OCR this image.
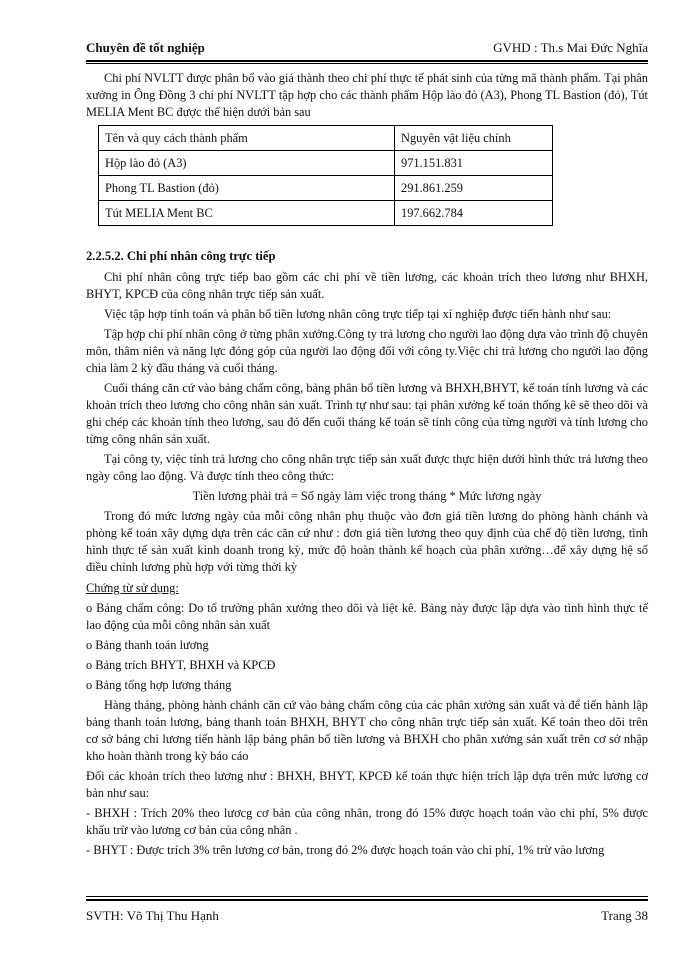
Chuyên đề tốt nghiệp	GVHD : Th.s Mai Đức Nghĩa

Chi phí NVLTT được phân bổ vào giá thành theo chi phí thực tế phát sinh của từng mã thành phẩm. Tại phân xưởng in Ông Đồng 3 chi phí NVLTT tập hợp cho các thành phẩm Hộp lào đỏ (A3), Phong TL Bastion (đỏ), Tút MELIA Ment BC được thể hiện dưới bản sau

Tên và quy cách thành phẩm	Nguyên vật liệu chính
Hộp lào đỏ (A3)	971.151.831
Phong TL Bastion (đỏ)	291.861.259
Tút MELIA Ment BC	197.662.784
2.2.5.2. Chi phí nhân công trực tiếp

Chi phí nhân công trực tiếp bao gồm các chi phí về tiền lương, các khoản trích theo lương như BHXH, BHYT, KPCĐ của công nhân trực tiếp sản xuất.

Việc tập hợp tính toán và phân bổ tiền lương nhân công trực tiếp tại xí nghiệp được tiến hành như sau:

Tập hợp chi phí nhân công ở từng phân xưởng.Công ty trả lương cho người lao động dựa vào trình độ chuyên môn, thâm niên và năng lực đóng góp của người lao động đối với công ty.Việc chi trả lương cho người lao động chia làm 2 kỳ đầu tháng và cuối tháng.

Cuối tháng căn cứ vào bảng chấm công, bảng phân bổ tiền lương và BHXH,BHYT, kế toán tính lương và các khoản trích theo lương cho công nhân sản xuất. Trình tự như sau: tại phân xưởng kế toán thống kê sẽ theo dõi và ghi chép các khoản tính theo lương, sau đó đến cuối tháng kế toán sẽ tính công của từng người và tính lương cho từng công nhân sản xuất.

Tại công ty, việc tính trả lương cho công nhân trực tiếp sản xuất được thực hiện dưới hình thức trả lương theo ngày công lao động. Và được tính theo công thức:

Tiền lương phải trả = Số ngày làm việc trong tháng * Mức lương ngày

Trong đó mức lương ngày của mỗi công nhân phụ thuộc vào đơn giá tiền lương do phòng hành chánh và phòng kế toán xây dựng dựa trên các căn cứ như : đơn giá tiền lương theo quy định của chế độ tiền lương, tình hình thực tế sản xuất kinh doanh trong kỳ, mức độ hoàn thành kế hoạch của phân xưởng…để xây dựng hệ số điều chỉnh lương phù hợp với từng thời kỳ

Chứng từ sử dụng:

o Bảng chấm công: Do tổ trưởng phân xưởng theo dõi và liệt kê. Bảng này được lập dựa vào tình hình thực tế lao động của mỗi công nhân sản xuất

o Bảng thanh toán lương

o Bảng trích BHYT, BHXH và KPCĐ

o Bảng tổng hợp lương tháng

Hàng tháng, phòng hành chánh căn cứ vào bảng chấm công của các phân xưởng sản xuất và để tiến hành lập bảng thanh toán lương, bảng thanh toán BHXH, BHYT cho công nhân trực tiếp sản xuất. Kế toán theo dõi trên cơ sở bảng chi lương tiến hành lập bảng phân bổ tiền lương và BHXH cho phân xưởng sản xuất trên cơ sở nhập kho hoàn thành trong kỳ báo cáo

Đối các khoản trích theo lương như : BHXH, BHYT, KPCĐ kế toán thực hiện trích lập dựa trên mức lương cơ bản như sau:

- BHXH : Trích 20% theo lươcg cơ bản của công nhân, trong đó 15% được hoạch toán vào chi phí, 5% được khấu trừ vào lương cơ bản của công nhân .

- BHYT : Được trích 3% trên lương cơ bản, trong đó 2% được hoạch toán vào chi phí, 1% trừ vào lương

SVTH: Võ Thị Thu Hạnh	Trang 38
